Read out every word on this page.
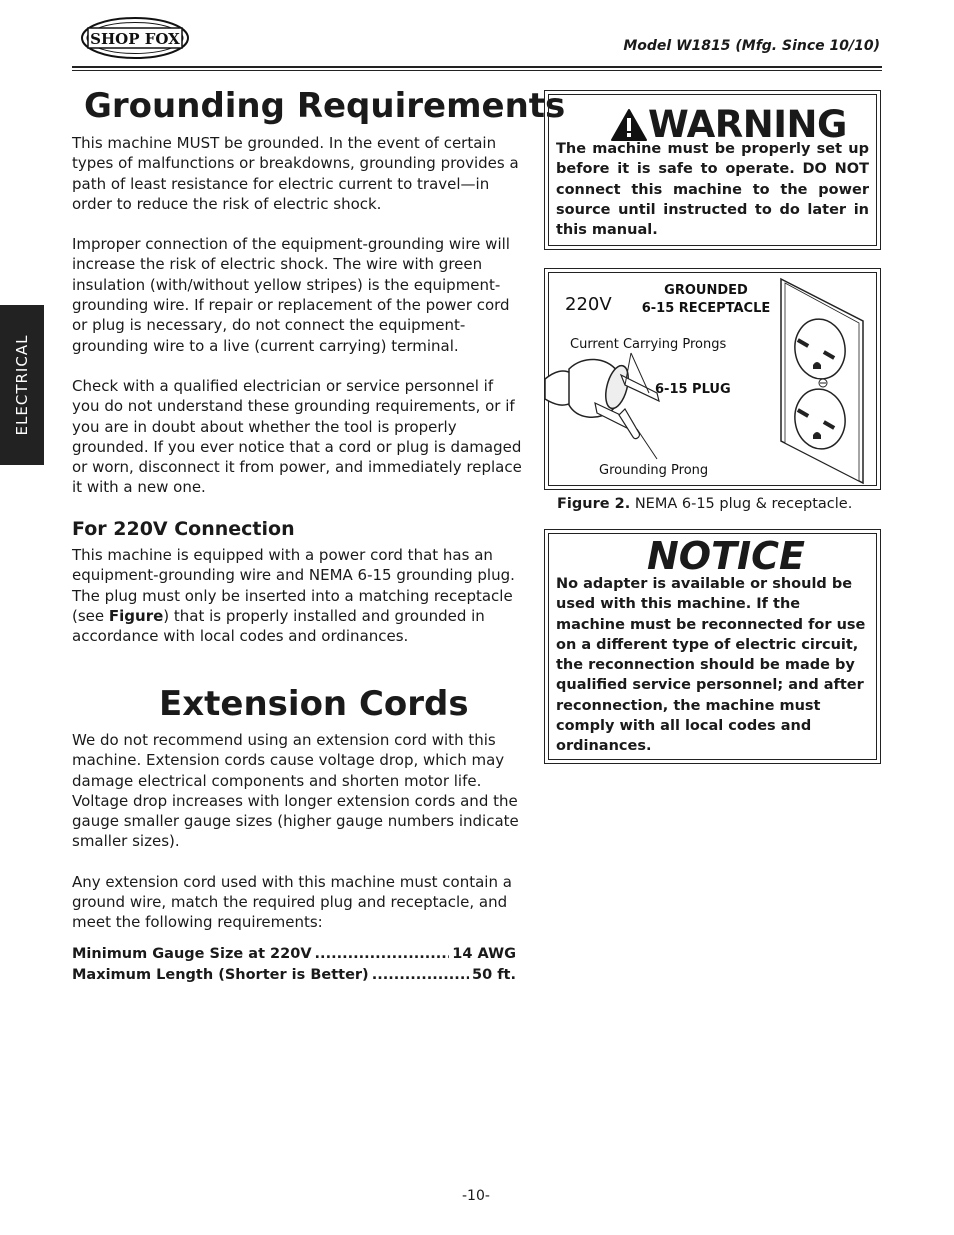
SHOP FOX	Model W1815 (Mfg. Since 10/10)
ELECTRICAL
Grounding Requirements

This machine MUST be grounded. In the event of certain types of malfunctions or breakdowns, grounding provides a path of least resistance for electric current to travel—in order to reduce the risk of electric shock.

Improper connection of the equipment-grounding wire will increase the risk of electric shock. The wire with green insulation (with/without yellow stripes) is the equipment-grounding wire. If repair or replacement of the power cord or plug is necessary, do not connect the equipment-grounding wire to a live (current carrying) terminal.

Check with a qualified electrician or service personnel if you do not understand these grounding requirements, or if you are in doubt about whether the tool is properly grounded. If you ever notice that a cord or plug is damaged or worn, disconnect it from power, and immediately replace it with a new one.

For 220V Connection

This machine is equipped with a power cord that has an equipment-grounding wire and NEMA 6-15 grounding plug. The plug must only be inserted into a matching receptacle (see Figure) that is properly installed and grounded in accordance with local codes and ordinances.

Extension Cords

We do not recommend using an extension cord with this machine. Extension cords cause voltage drop, which may damage electrical components and shorten motor life. Voltage drop increases with longer extension cords and the gauge smaller gauge sizes (higher gauge numbers indicate smaller sizes).

Any extension cord used with this machine must contain a ground wire, match the required plug and receptacle, and meet the following requirements:

Minimum Gauge Size at 220V .....	14 AWG
Maximum Length (Shorter is Better) .....	50 ft.
WARNING
The machine must be properly set up before it is safe to operate. DO NOT connect this machine to the power source until instructed to do later in this manual.
220V
GROUNDED
6-15 RECEPTACLE
Current Carrying Prongs
6-15 PLUG
Grounding Prong
Figure 2. NEMA 6-15 plug & receptacle.
NOTICE
No adapter is available or should be used with this machine. If the machine must be reconnected for use on a different type of electric circuit, the reconnection should be made by qualified service personnel; and after reconnection, the machine must comply with all local codes and ordinances.
-10-
